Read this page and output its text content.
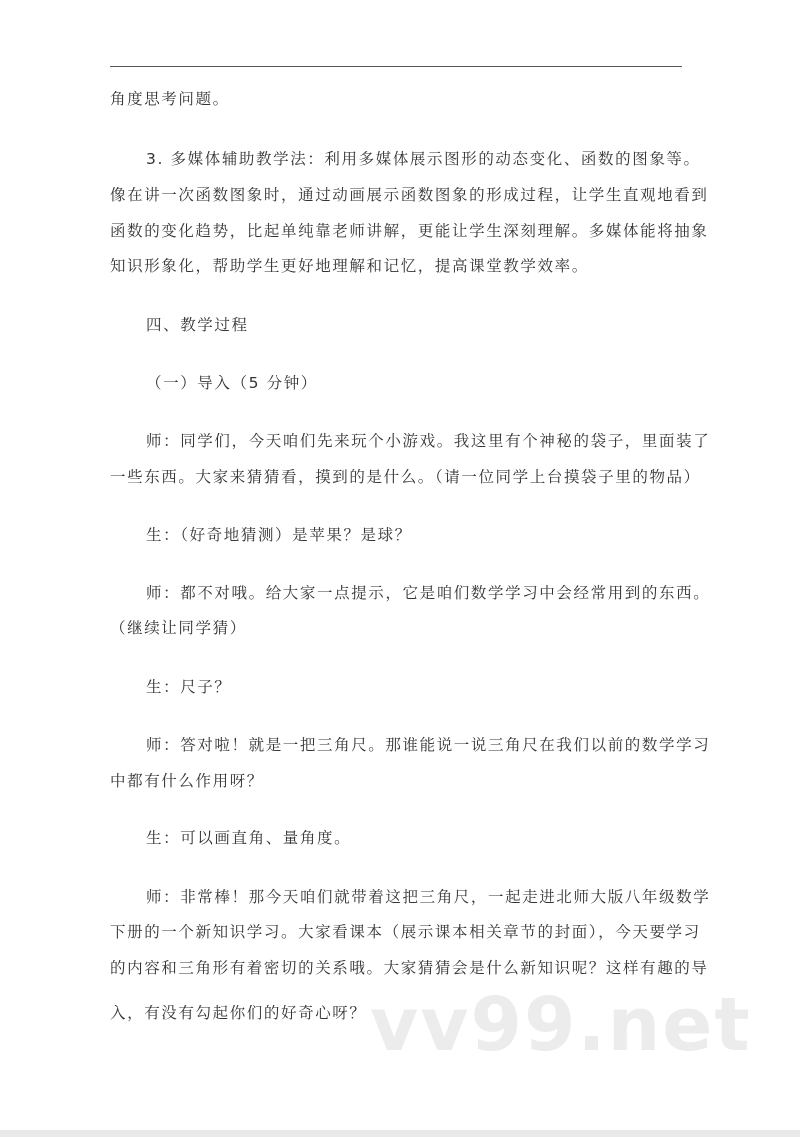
角度思考问题。
3. 多媒体辅助教学法：利用多媒体展示图形的动态变化、函数的图象等。
像在讲一次函数图象时，通过动画展示函数图象的形成过程，让学生直观地看到
函数的变化趋势，比起单纯靠老师讲解，更能让学生深刻理解。多媒体能将抽象
知识形象化，帮助学生更好地理解和记忆，提高课堂教学效率。
四、教学过程
（一）导入（5 分钟）
师：同学们，今天咱们先来玩个小游戏。我这里有个神秘的袋子，里面装了
一些东西。大家来猜猜看，摸到的是什么。（请一位同学上台摸袋子里的物品）
生：（好奇地猜测）是苹果？是球？
师：都不对哦。给大家一点提示，它是咱们数学学习中会经常用到的东西。
（继续让同学猜）
生：尺子？
师：答对啦！就是一把三角尺。那谁能说一说三角尺在我们以前的数学学习
中都有什么作用呀？
生：可以画直角、量角度。
师：非常棒！那今天咱们就带着这把三角尺，一起走进北师大版八年级数学
下册的一个新知识学习。大家看课本（展示课本相关章节的封面），今天要学习
的内容和三角形有着密切的关系哦。大家猜猜会是什么新知识呢？这样有趣的导
入，有没有勾起你们的好奇心呀？ vv99.net
